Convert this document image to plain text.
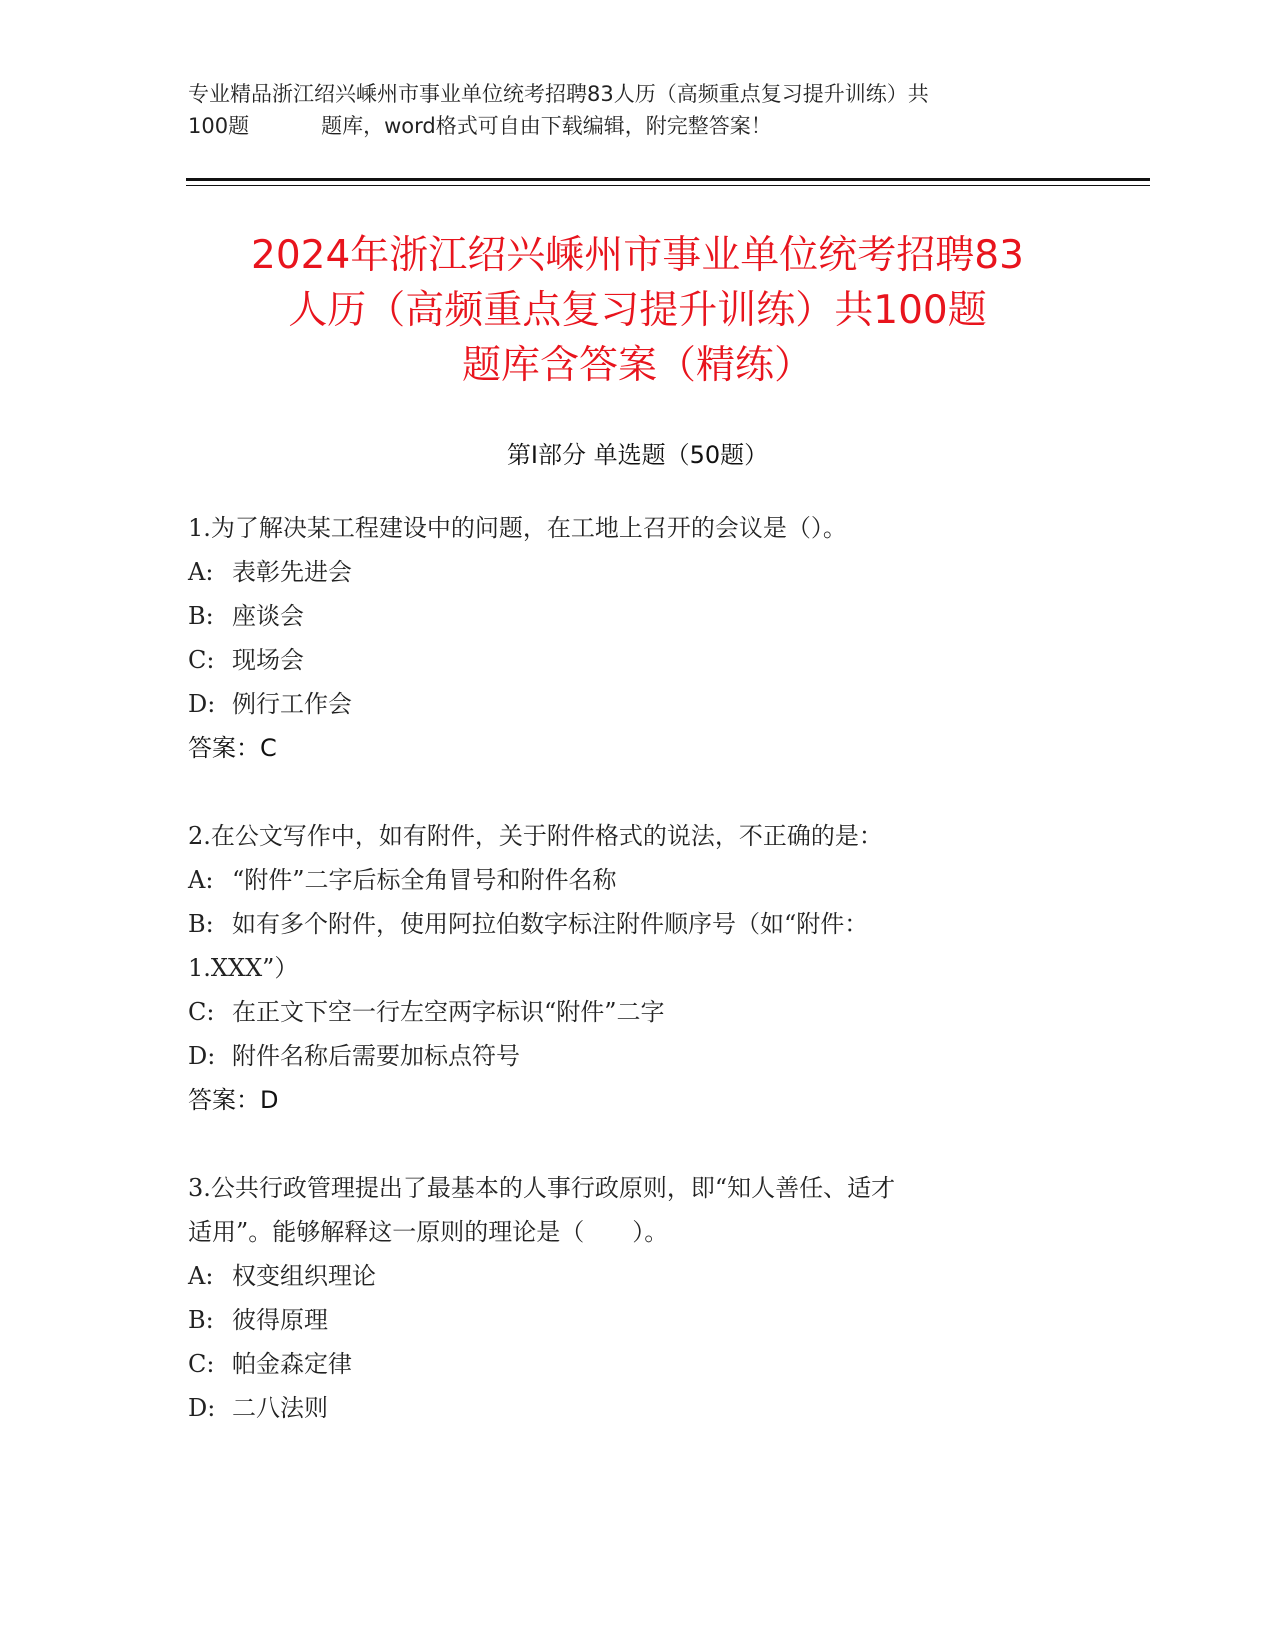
专业精品浙江绍兴嵊州市事业单位统考招聘83人历（高频重点复习提升训练）共
100题	题库，word格式可自由下载编辑，附完整答案！
2024年浙江绍兴嵊州市事业单位统考招聘83
人历（高频重点复习提升训练）共100题
题库含答案（精练）
第Ⅰ部分 单选题（50题）
1.为了解决某工程建设中的问题，在工地上召开的会议是（）。
A: 表彰先进会
B: 座谈会
C: 现场会
D: 例行工作会
答案：C
2.在公文写作中，如有附件，关于附件格式的说法，不正确的是：
A: “附件”二字后标全角冒号和附件名称
B: 如有多个附件，使用阿拉伯数字标注附件顺序号（如“附件：
1.XXX”）
C: 在正文下空一行左空两字标识“附件”二字
D: 附件名称后需要加标点符号
答案：D
3.公共行政管理提出了最基本的人事行政原则，即“知人善任、适才
适用”。能够解释这一原则的理论是（ ）。
A: 权变组织理论
B: 彼得原理
C: 帕金森定律
D: 二八法则
